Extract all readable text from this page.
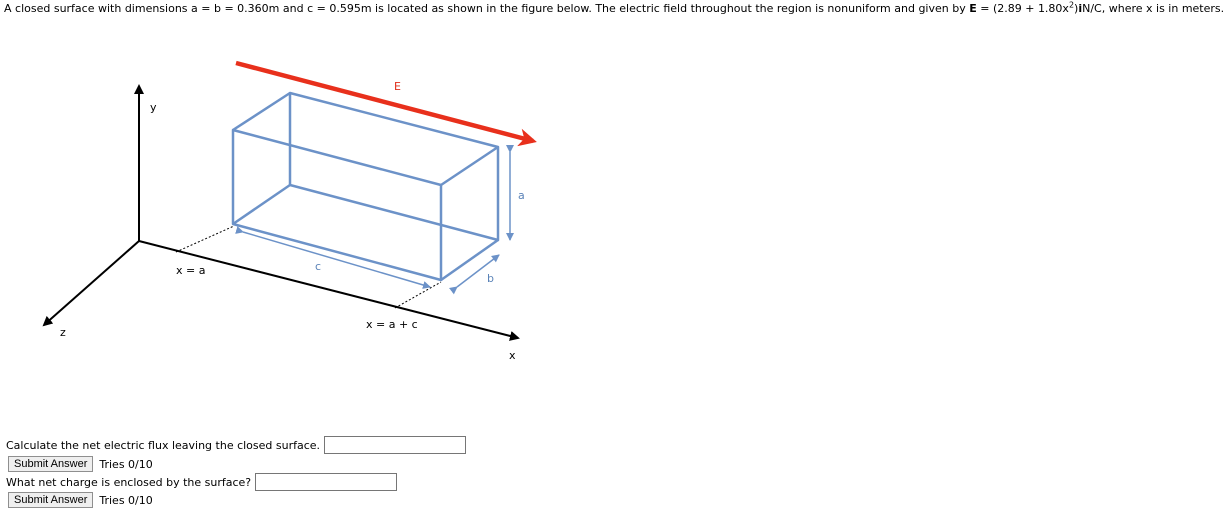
A closed surface with dimensions a = b = 0.360m and c = 0.595m is located as shown in the figure below. The electric field throughout the region is nonuniform and given by $E = (2.89 + 1.80x^2)iN/C$, where x is in meters.
y
z
x
E
x = a
x = a + c
a
b
c
Calculate the net electric flux leaving the closed surface.
Submit Answer	Tries 0/10
What net charge is enclosed by the surface?
Submit Answer	Tries 0/10
